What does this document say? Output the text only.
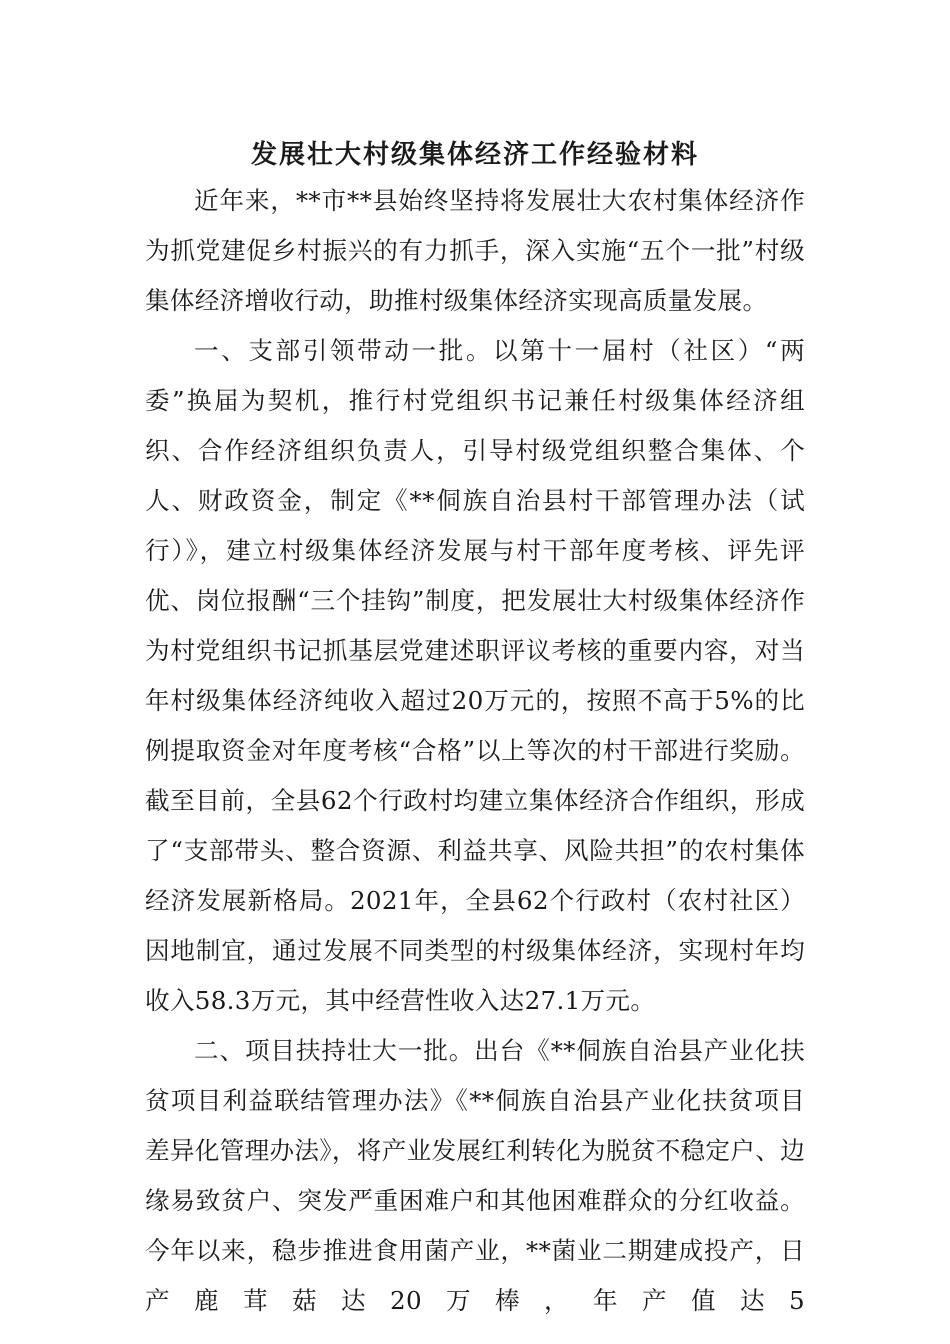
发展壮大村级集体经济工作经验材料

近年来，**市**县始终坚持将发展壮大农村集体经济作为抓党建促乡村振兴的有力抓手，深入实施“五个一批”村级集体经济增收行动，助推村级集体经济实现高质量发展。

一、支部引领带动一批。以第十一届村（社区）“两委”换届为契机，推行村党组织书记兼任村级集体经济组织、合作经济组织负责人，引导村级党组织整合集体、个人、财政资金，制定《**侗族自治县村干部管理办法（试行）》，建立村级集体经济发展与村干部年度考核、评先评优、岗位报酬“三个挂钩”制度，把发展壮大村级集体经济作为村党组织书记抓基层党建述职评议考核的重要内容，对当年村级集体经济纯收入超过20万元的，按照不高于5%的比例提取资金对年度考核“合格”以上等次的村干部进行奖励。截至目前，全县62个行政村均建立集体经济合作组织，形成了“支部带头、整合资源、利益共享、风险共担”的农村集体经济发展新格局。2021年，全县62个行政村（农村社区）因地制宜，通过发展不同类型的村级集体经济，实现村年均收入58.3万元，其中经营性收入达27.1万元。

二、项目扶持壮大一批。出台《**侗族自治县产业化扶贫项目利益联结管理办法》《**侗族自治县产业化扶贫项目差异化管理办法》，将产业发展红利转化为脱贫不稳定户、边缘易致贫户、突发严重困难户和其他困难群众的分红收益。今年以来，稳步推进食用菌产业，**菌业二期建成投产，日产鹿茸菇达20万棒，年产值达5
